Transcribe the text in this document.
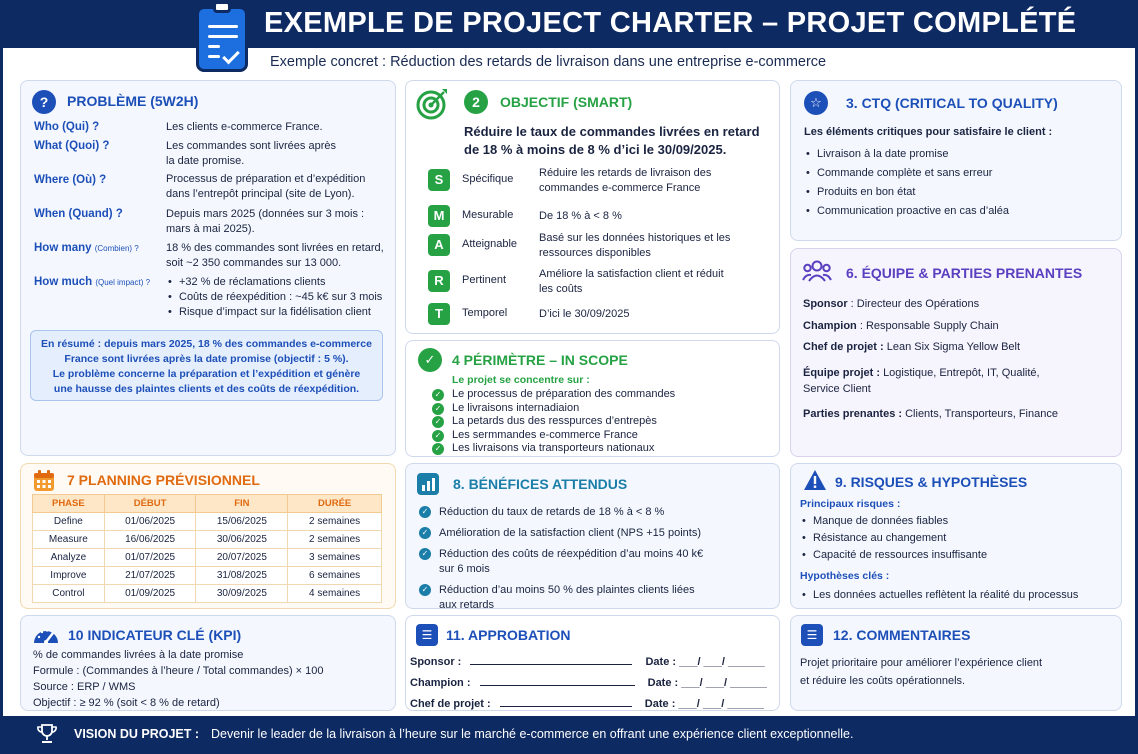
EXEMPLE DE PROJECT CHARTER – PROJET COMPLÉTÉ
Exemple concret : Réduction des retards de livraison dans une entreprise e-commerce
?	PROBLÈME (5W2H)
Who (Qui) ?	Les clients e-commerce France.
What (Quoi) ?	Les commandes sont livrées après
la date promise.
Where (Où) ?	Processus de préparation et d’expédition
dans l’entrepôt principal (site de Lyon).
When (Quand) ?	Depuis mars 2025 (données sur 3 mois :
mars à mai 2025).
How many (Combien) ? 18 % des commandes sont livrées en retard,
soit ~2 350 commandes sur 13 000.
How much (Quel impact) ?	• +32 % de réclamations clients
• Coûts de réexpédition : ~45 k€ sur 3 mois
• Risque d’impact sur la fidélisation client
En résumé : depuis mars 2025, 18 % des commandes e-commerce
France sont livrées après la date promise (objectif : 5 %).
Le problème concerne la préparation et l’expédition et génère
une hausse des plaintes clients et des coûts de réexpédition.
2	OBJECTIF (SMART)
Réduire le taux de commandes livrées en retard
de 18 % à moins de 8 % d’ici le 30/09/2025.
S	Spécifique Réduire les retards de livraison des commandes e-commerce France
M	Mesurable De 18 % à < 8 %
A	Atteignable Basé sur les données historiques et les ressources disponibles
R	Pertinent	Améliore la satisfaction client et réduit les coûts
T	Temporel	D’ici le 30/09/2025
☆	3. CTQ (CRITICAL TO QUALITY)
Les éléments critiques pour satisfaire le client :
• Livraison à la date promise
• Commande complète et sans erreur
• Produits en bon état
• Communication proactive en cas d’aléa
✓	4 PÉRIMÈTRE – IN SCOPE
Le projet se concentre sur :
✓ Le processus de préparation des commandes
✓ Le livraisons internadiaion
✓ La petards dus des resspurces d’entrepès
✓ Les sermmandes e-commerce France
✓ Les livraisons via transporteurs nationaux
6. ÉQUIPE & PARTIES PRENANTES
Sponsor : Directeur des Opérations
Champion : Responsable Supply Chain
Chef de projet : Lean Six Sigma Yellow Belt
Équipe projet : Logistique, Entrepôt, IT, Qualité,
Service Client
Parties prenantes : Clients, Transporteurs, Finance
7 PLANNING PRÉVISIONNEL
PHASE	DÉBUT	FIN	DURÉE
Define	01/06/2025	15/06/2025	2 semaines
Measure	16/06/2025	30/06/2025	2 semaines
Analyze	01/07/2025	20/07/2025	3 semaines
Improve	21/07/2025	31/08/2025	6 semaines
Control	01/09/2025	30/09/2025	4 semaines
8. BÉNÉFICES ATTENDUS
✓ Réduction du taux de retards de 18 % à < 8 %
✓ Amélioration de la satisfaction client (NPS +15 points)
✓ Réduction des coûts de réexpédition d’au moins 40 k€
sur 6 mois
✓ Réduction d’au moins 50 % des plaintes clients liées
aux retards
9. RISQUES & HYPOTHÈSES
Principaux risques :
• Manque de données fiables
• Résistance au changement
• Capacité de ressources insuffisante
Hypothèses clés :
• Les données actuelles reflètent la réalité du processus
10 INDICATEUR CLÉ (KPI)
% de commandes livrées à la date promise
Formule : (Commandes à l’heure / Total commandes) × 100
Source : ERP / WMS
Objectif : ≥ 92 % (soit < 8 % de retard)
☰ 11. APPROBATION
Sponsor :	Date : ___/ ___/ ______
Champion :	Date : ___/ ___/ ______
Chef de projet :	Date : ___/ ___/ ______
☰	12. COMMENTAIRES
Projet prioritaire pour améliorer l’expérience client
et réduire les coûts opérationnels.
VISION DU PROJET : Devenir le leader de la livraison à l’heure sur le marché e-commerce en offrant une expérience client exceptionnelle.
